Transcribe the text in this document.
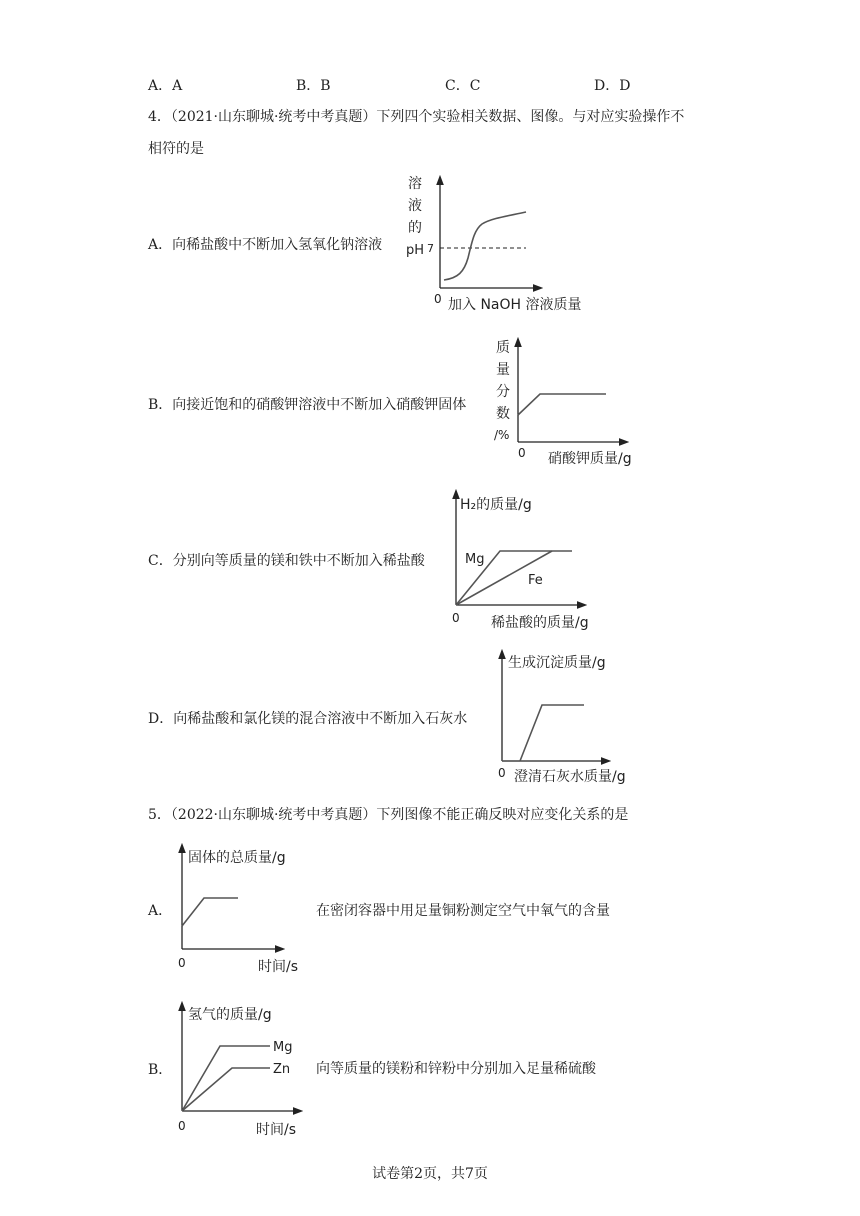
A．A	B．B	C．C	D．D
4．（2021·山东聊城·统考中考真题）下列四个实验相关数据、图像。与对应实验操作不
相符的是
A．向稀盐酸中不断加入氢氧化钠溶液
溶
液
的
pH 7
0 加入 NaOH 溶液质量
B．向接近饱和的硝酸钾溶液中不断加入硝酸钾固体
质
量
分
数
/%
0 硝酸钾质量/g
C．分别向等质量的镁和铁中不断加入稀盐酸
H₂的质量/g
Mg
Fe
0 稀盐酸的质量/g
D．向稀盐酸和氯化镁的混合溶液中不断加入石灰水
生成沉淀质量/g
0 澄清石灰水质量/g
5．（2022·山东聊城·统考中考真题）下列图像不能正确反映对应变化关系的是
A．
固体的总质量/g
0	时间/s
在密闭容器中用足量铜粉测定空气中氧气的含量
B．
氢气的质量/g
Mg
Zn
0	时间/s
向等质量的镁粉和锌粉中分别加入足量稀硫酸
试卷第2页，共7页
